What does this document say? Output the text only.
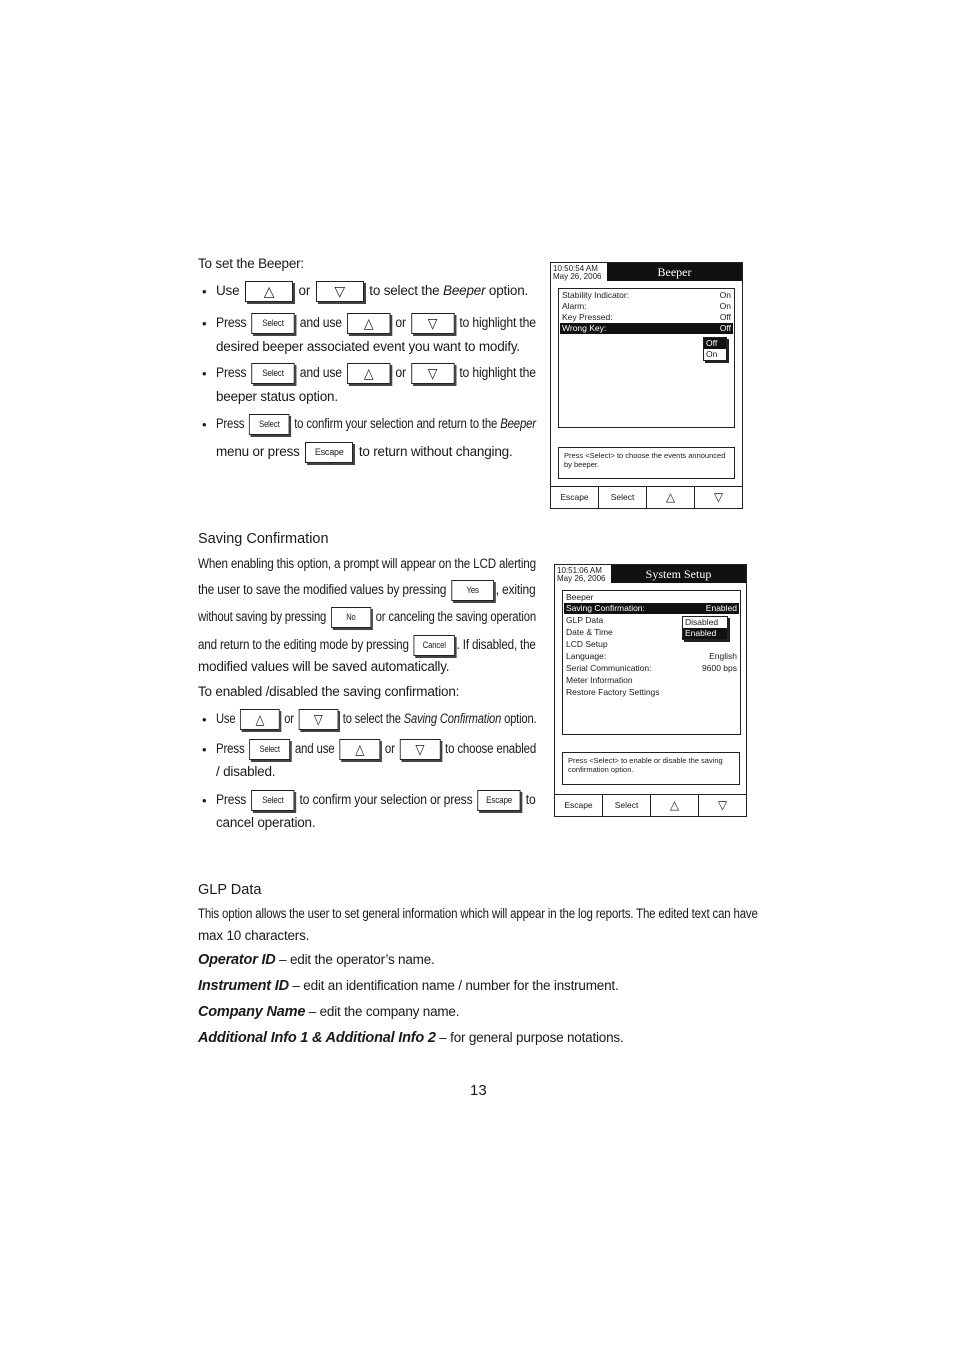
To set the Beeper:
• Use △ or ▽ to select the Beeper option.
• Press Select and use △ or ▽ to highlight the
desired beeper associated event you want to modify.
• Press Select and use △ or ▽ to highlight the
beeper status option.
• Press Select to confirm your selection and return to the Beeper
menu or press Escape to return without changing.
10:50:54 AM
May 26, 2006	Beeper
Stability Indicator:	On
Alarm:	On
Key Pressed:	Off
Wrong Key:	Off
Off
On
Press <Select> to choose the events announced by beeper.
Escape	Select	△	▽
Saving Confirmation
When enabling this option, a prompt will appear on the LCD alerting
the user to save the modified values by pressing Yes , exiting
without saving by pressing No or canceling the saving operation
and return to the editing mode by pressing Cancel . If disabled, the
modified values will be saved automatically.
To enabled /disabled the saving confirmation:
• Use △ or ▽ to select the Saving Confirmation option.
• Press Select and use △ or ▽ to choose enabled
/ disabled.
• Press Select to confirm your selection or press Escape to
cancel operation.
10:51:06 AM
May 26, 2006	System Setup
Beeper
Saving Confirmation:	Enabled
GLP Data
Date & Time
LCD Setup
Language:	English
Serial Communication:	9600 bps
Meter Information
Restore Factory Settings
Disabled
Enabled
Press <Select> to enable or disable the saving confirmation option.
Escape	Select	△	▽
GLP Data
This option allows the user to set general information which will appear in the log reports. The edited text can have
max 10 characters.
Operator ID – edit the operator’s name.
Instrument ID – edit an identification name / number for the instrument.
Company Name – edit the company name.
Additional Info 1 & Additional Info 2 – for general purpose notations.
13
